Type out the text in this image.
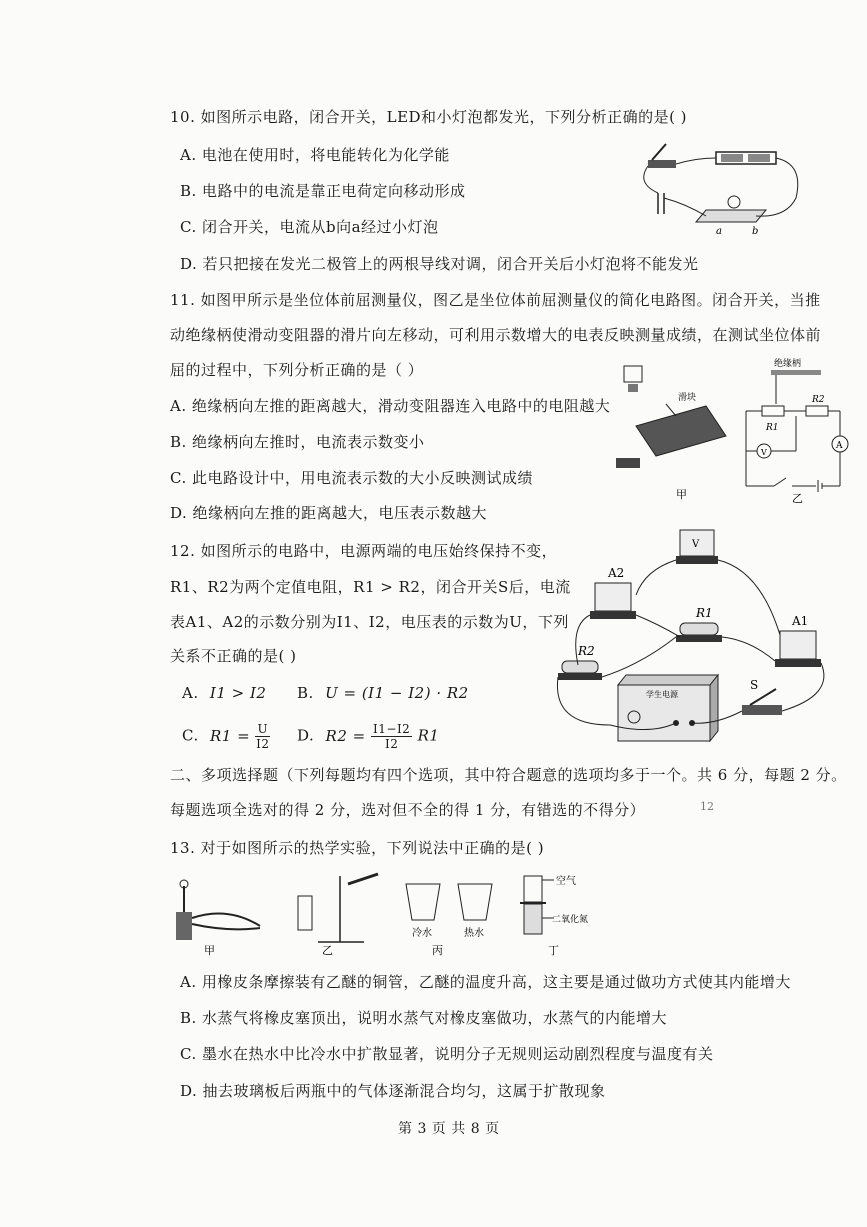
10. 如图所示电路，闭合开关，LED和小灯泡都发光，下列分析正确的是( )
A. 电池在使用时，将电能转化为化学能
B. 电路中的电流是靠正电荷定向移动形成
C. 闭合开关，电流从b向a经过小灯泡
D. 若只把接在发光二极管上的两根导线对调，闭合开关后小灯泡将不能发光
a	b
11. 如图甲所示是坐位体前屈测量仪，图乙是坐位体前屈测量仪的简化电路图。闭合开关，当推
动绝缘柄使滑动变阻器的滑片向左移动，可利用示数增大的电表反映测量成绩，在测试坐位体前
屈的过程中，下列分析正确的是（ ）
A. 绝缘柄向左推的距离越大，滑动变阻器连入电路中的电阻越大
B. 绝缘柄向左推时，电流表示数变小
C. 此电路设计中，用电流表示数的大小反映测试成绩
D. 绝缘柄向左推的距离越大，电压表示数越大
滑块
甲
绝缘柄
R1
R2
A
V
乙
12. 如图所示的电路中，电源两端的电压始终保持不变，
R1、R2为两个定值电阻，R1 > R2，闭合开关S后，电流
表A1、A2的示数分别为I1、I2，电压表的示数为U，下列
关系不正确的是( )
A. I1 > I2 B. U = (I1 − I2) · R2
C. $R1 = \frac{U}{I2} D$. $R2 = \frac{I1-I2}{I2} R1$
V
A2
R1
A1
R2
学生电源
S
二、多项选择题（下列每题均有四个选项，其中符合题意的选项均多于一个。共 6 分，每题 2 分。
每题选项全选对的得 2 分，选对但不全的得 1 分，有错选的不得分）	12
13. 对于如图所示的热学实验，下列说法中正确的是( )
甲	乙
冷水	热水
丙
空气
二氧化氮
丁
A. 用橡皮条摩擦装有乙醚的铜管，乙醚的温度升高，这主要是通过做功方式使其内能增大
B. 水蒸气将橡皮塞顶出，说明水蒸气对橡皮塞做功，水蒸气的内能增大
C. 墨水在热水中比冷水中扩散显著，说明分子无规则运动剧烈程度与温度有关
D. 抽去玻璃板后两瓶中的气体逐渐混合均匀，这属于扩散现象
第 3 页 共 8 页
